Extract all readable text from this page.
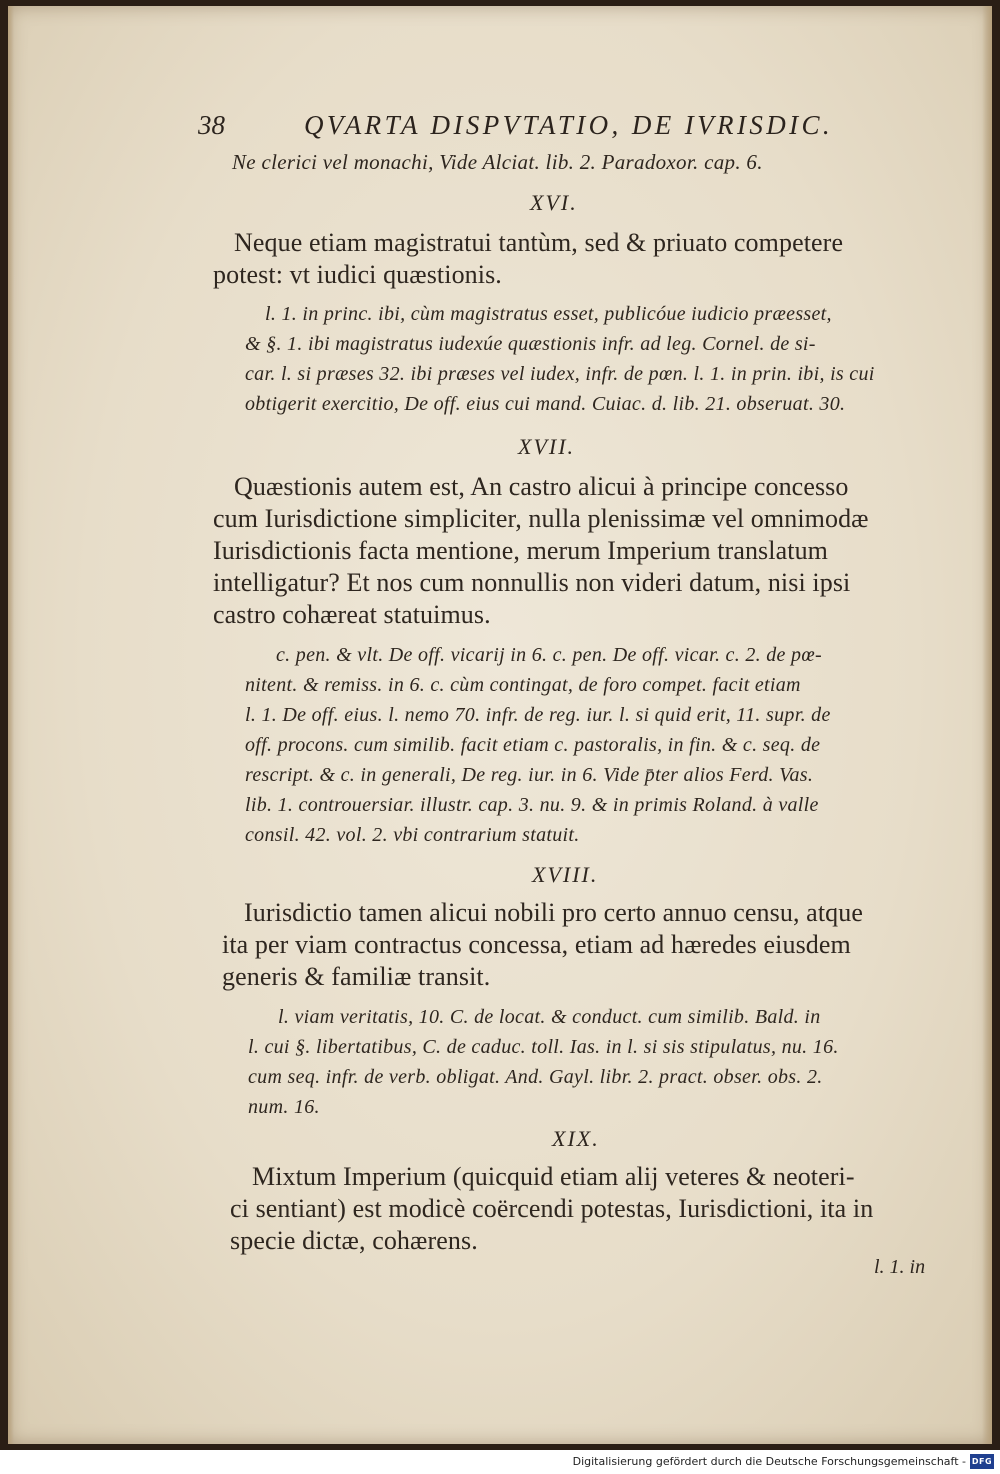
38	QVARTA DISPVTATIO, DE IVRISDIC.
Ne clerici vel monachi, Vide Alciat. lib. 2. Paradoxor. cap. 6.
XVI.
Neque etiam magistratui tantùm, sed & priuato competere
potest: vt iudici quæstionis.
l. 1. in princ. ibi, cùm magistratus esset, publicóue iudicio præesset,
& §. 1. ibi magistratus iudexúe quæstionis infr. ad leg. Cornel. de si-
car. l. si præses 32. ibi præses vel iudex, infr. de pœn. l. 1. in prin. ibi, is cui
obtigerit exercitio, De off. eius cui mand. Cuiac. d. lib. 21. obseruat. 30.
XVII.
Quæstionis autem est, An castro alicui à principe concesso
cum Iurisdictione simpliciter, nulla plenissimæ vel omnimodæ
Iurisdictionis facta mentione, merum Imperium translatum
intelligatur? Et nos cum nonnullis non videri datum, nisi ipsi
castro cohæreat statuimus.
c. pen. & vlt. De off. vicarij in 6. c. pen. De off. vicar. c. 2. de pœ-
nitent. & remiss. in 6. c. cùm contingat, de foro compet. facit etiam
l. 1. De off. eius. l. nemo 70. infr. de reg. iur. l. si quid erit, 11. supr. de
off. procons. cum similib. facit etiam c. pastoralis, in fin. & c. seq. de
rescript. & c. in generali, De reg. iur. in 6. Vide p̄ter alios Ferd. Vas.
lib. 1. controuersiar. illustr. cap. 3. nu. 9. & in primis Roland. à valle
consil. 42. vol. 2. vbi contrarium statuit.
XVIII.
Iurisdictio tamen alicui nobili pro certo annuo censu, atque
ita per viam contractus concessa, etiam ad hæredes eiusdem
generis & familiæ transit.
l. viam veritatis, 10. C. de locat. & conduct. cum similib. Bald. in
l. cui §. libertatibus, C. de caduc. toll. Ias. in l. si sis stipulatus, nu. 16.
cum seq. infr. de verb. obligat. And. Gayl. libr. 2. pract. obser. obs. 2.
num. 16.
XIX.
Mixtum Imperium (quicquid etiam alij veteres & neoteri-
ci sentiant) est modicè coërcendi potestas, Iurisdictioni, ita in
specie dictæ, cohærens.
l. 1. in
Digitalisierung gefördert durch die Deutsche Forschungsgemeinschaft - DFG
